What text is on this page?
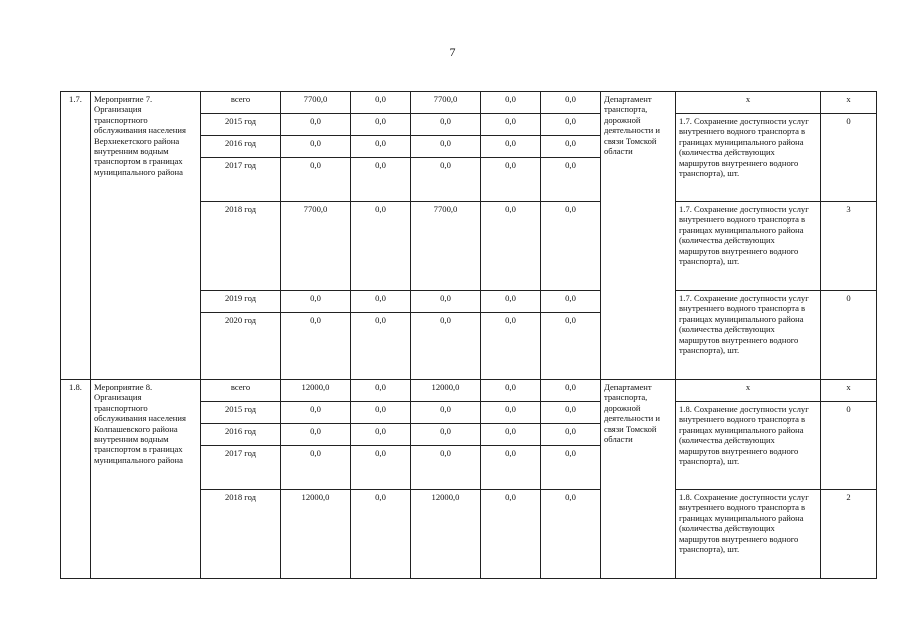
7
1.7.	Мероприятие 7. Организация транспортного обслуживания населения Верхнекетского района внутренним водным транспортом в границах муниципального района	всего	7700,0	0,0	7700,0	0,0	0,0	Департамент транспорта, дорожной деятельности и связи Томской области	x	x
		2015 год	0,0	0,0	0,0	0,0	0,0		1.7. Сохранение доступности услуг внутреннего водного транспорта в границах муниципального района (количества действующих маршрутов внутреннего водного транспорта), шт.	0
		2016 год	0,0	0,0	0,0	0,0	0,0			
		2017 год	0,0	0,0	0,0	0,0	0,0			
		2018 год	7700,0	0,0	7700,0	0,0	0,0		1.7. Сохранение доступности услуг внутреннего водного транспорта в границах муниципального района (количества действующих маршрутов внутреннего водного транспорта), шт.	3
		2019 год	0,0	0,0	0,0	0,0	0,0		1.7. Сохранение доступности услуг внутреннего водного транспорта в границах муниципального района (количества действующих маршрутов внутреннего водного транспорта), шт.	0
		2020 год	0,0	0,0	0,0	0,0	0,0			
1.8.	Мероприятие 8. Организация транспортного обслуживания населения Колпашевского района внутренним водным транспортом в границах муниципального района	всего	12000,0	0,0	12000,0	0,0	0,0	Департамент транспорта, дорожной деятельности и связи Томской области	x	x
		2015 год	0,0	0,0	0,0	0,0	0,0		1.8. Сохранение доступности услуг внутреннего водного транспорта в границах муниципального района (количества действующих маршрутов внутреннего водного транспорта), шт.	0
		2016 год	0,0	0,0	0,0	0,0	0,0			
		2017 год	0,0	0,0	0,0	0,0	0,0			
		2018 год	12000,0	0,0	12000,0	0,0	0,0		1.8. Сохранение доступности услуг внутреннего водного транспорта в границах муниципального района (количества действующих маршрутов внутреннего водного транспорта), шт.	2
